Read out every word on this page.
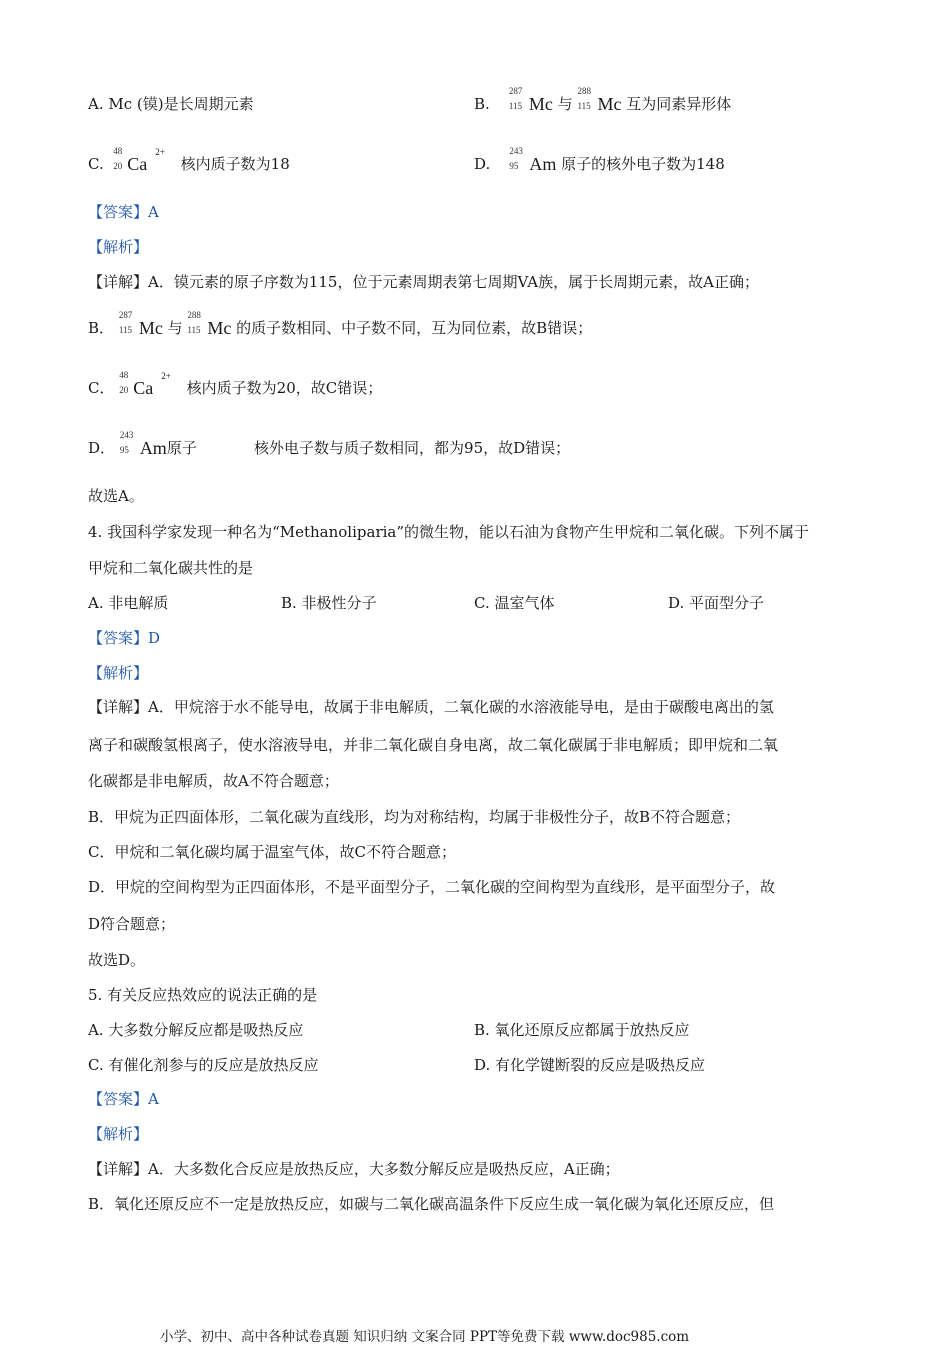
A. Mc (镆)是长周期元素	B.
287
115 Mc 与
288
115 Mc 互为同素异形体
C.
48
20 Ca
2+
核内质子数为18	D.
243
95 Am 原子的核外电子数为148
【答案】A
【解析】
【详解】A．镆元素的原子序数为115，位于元素周期表第七周期VA族，属于长周期元素，故A正确；
B．
287
115 Mc 与
288
115 Mc 的质子数相同、中子数不同，互为同位素，故B错误；
C．
48
20 Ca
2+
核内质子数为20，故C错误；
D．
243
95 Am原子	核外电子数与质子数相同，都为95，故D错误；
故选A。
4. 我国科学家发现一种名为“Methanoliparia”的微生物，能以石油为食物产生甲烷和二氧化碳。下列不属于
甲烷和二氧化碳共性的是
A. 非电解质	B. 非极性分子	C. 温室气体	D. 平面型分子
【答案】D
【解析】
【详解】A．甲烷溶于水不能导电，故属于非电解质，二氧化碳的水溶液能导电，是由于碳酸电离出的氢
离子和碳酸氢根离子，使水溶液导电，并非二氧化碳自身电离，故二氧化碳属于非电解质；即甲烷和二氧
化碳都是非电解质，故A不符合题意；
B．甲烷为正四面体形，二氧化碳为直线形，均为对称结构，均属于非极性分子，故B不符合题意；
C．甲烷和二氧化碳均属于温室气体，故C不符合题意；
D．甲烷的空间构型为正四面体形，不是平面型分子，二氧化碳的空间构型为直线形，是平面型分子，故
D符合题意；
故选D。
5. 有关反应热效应的说法正确的是
A. 大多数分解反应都是吸热反应	B. 氧化还原反应都属于放热反应
C. 有催化剂参与的反应是放热反应	D. 有化学键断裂的反应是吸热反应
【答案】A
【解析】
【详解】A．大多数化合反应是放热反应，大多数分解反应是吸热反应，A正确；
B．氧化还原反应不一定是放热反应，如碳与二氧化碳高温条件下反应生成一氧化碳为氧化还原反应，但
小学、初中、高中各种试卷真题 知识归纳 文案合同 PPT等免费下载 www.doc985.com
